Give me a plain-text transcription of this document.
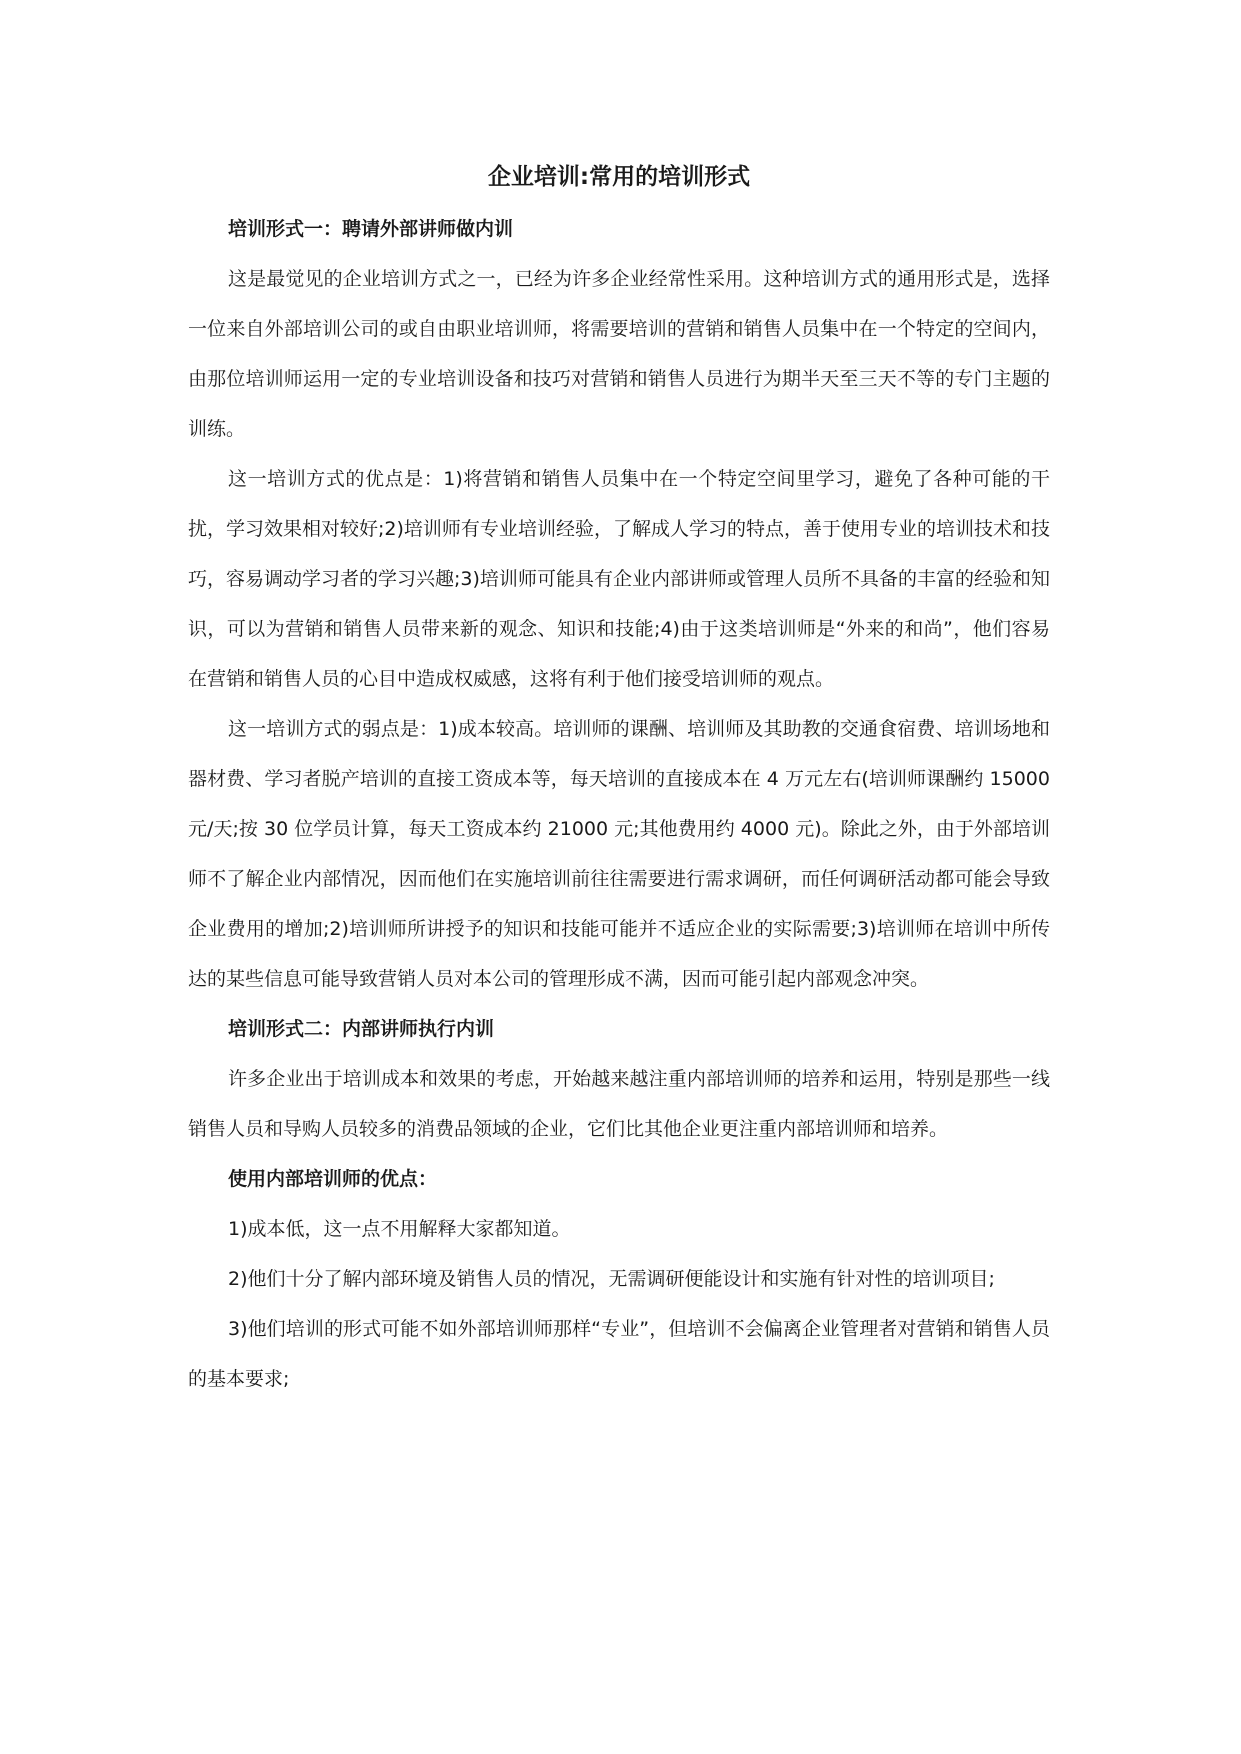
企业培训:常用的培训形式

培训形式一：聘请外部讲师做内训

这是最觉见的企业培训方式之一，已经为许多企业经常性采用。这种培训方式的通用形式是，选择一位来自外部培训公司的或自由职业培训师，将需要培训的营销和销售人员集中在一个特定的空间内，由那位培训师运用一定的专业培训设备和技巧对营销和销售人员进行为期半天至三天不等的专门主题的训练。

这一培训方式的优点是：1)将营销和销售人员集中在一个特定空间里学习，避免了各种可能的干扰，学习效果相对较好;2)培训师有专业培训经验，了解成人学习的特点，善于使用专业的培训技术和技巧，容易调动学习者的学习兴趣;3)培训师可能具有企业内部讲师或管理人员所不具备的丰富的经验和知识，可以为营销和销售人员带来新的观念、知识和技能;4)由于这类培训师是“外来的和尚”，他们容易在营销和销售人员的心目中造成权威感，这将有利于他们接受培训师的观点。

这一培训方式的弱点是：1)成本较高。培训师的课酬、培训师及其助教的交通食宿费、培训场地和器材费、学习者脱产培训的直接工资成本等，每天培训的直接成本在 4 万元左右(培训师课酬约 15000 元/天;按 30 位学员计算，每天工资成本约 21000 元;其他费用约 4000 元)。除此之外，由于外部培训师不了解企业内部情况，因而他们在实施培训前往往需要进行需求调研，而任何调研活动都可能会导致企业费用的增加;2)培训师所讲授予的知识和技能可能并不适应企业的实际需要;3)培训师在培训中所传达的某些信息可能导致营销人员对本公司的管理形成不满，因而可能引起内部观念冲突。

培训形式二：内部讲师执行内训

许多企业出于培训成本和效果的考虑，开始越来越注重内部培训师的培养和运用，特别是那些一线销售人员和导购人员较多的消费品领域的企业，它们比其他企业更注重内部培训师和培养。

使用内部培训师的优点：

1)成本低，这一点不用解释大家都知道。

2)他们十分了解内部环境及销售人员的情况，无需调研便能设计和实施有针对性的培训项目;

3)他们培训的形式可能不如外部培训师那样“专业”，但培训不会偏离企业管理者对营销和销售人员的基本要求;
